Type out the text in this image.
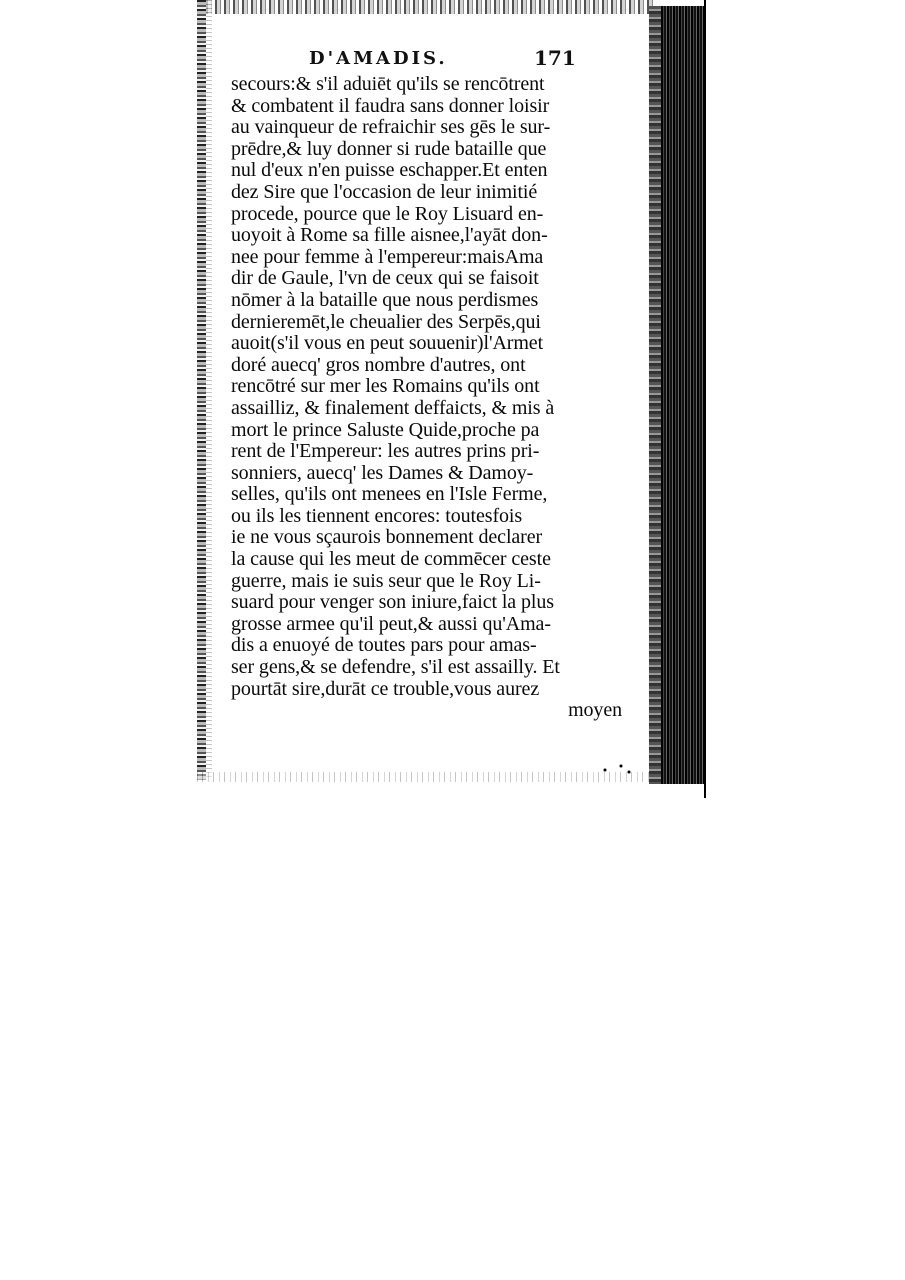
D'AMADIS.	171
secours:& s'il aduiēt qu'ils se rencōtrent
& combatent il faudra sans donner loisir
au vainqueur de refraichir ses gēs le sur-
prēdre,& luy donner si rude bataille que
nul d'eux n'en puisse eschapper.Et enten
dez Sire que l'occasion de leur inimitié
procede, pource que le Roy Lisuard en-
uoyoit à Rome sa fille aisnee,l'ayāt don-
nee pour femme à l'empereur:maisAma
dir de Gaule, l'vn de ceux qui se faisoit
nōmer à la bataille que nous perdismes
dernieremēt,le cheualier des Serpēs,qui
auoit(s'il vous en peut souuenir)l'Armet
doré auecq' gros nombre d'autres, ont
rencōtré sur mer les Romains qu'ils ont
assailliz, & finalement deffaicts, & mis à
mort le prince Saluste Quide,proche pa
rent de l'Empereur: les autres prins pri-
sonniers, auecq' les Dames & Damoy-
selles, qu'ils ont menees en l'Isle Ferme,
ou ils les tiennent encores: toutesfois
ie ne vous sçaurois bonnement declarer
la cause qui les meut de commēcer ceste
guerre, mais ie suis seur que le Roy Li-
suard pour venger son iniure,faict la plus
grosse armee qu'il peut,& aussi qu'Ama-
dis a enuoyé de toutes pars pour amas-
ser gens,& se defendre, s'il est assailly. Et
pourtāt sire,durāt ce trouble,vous aurez
moyen
